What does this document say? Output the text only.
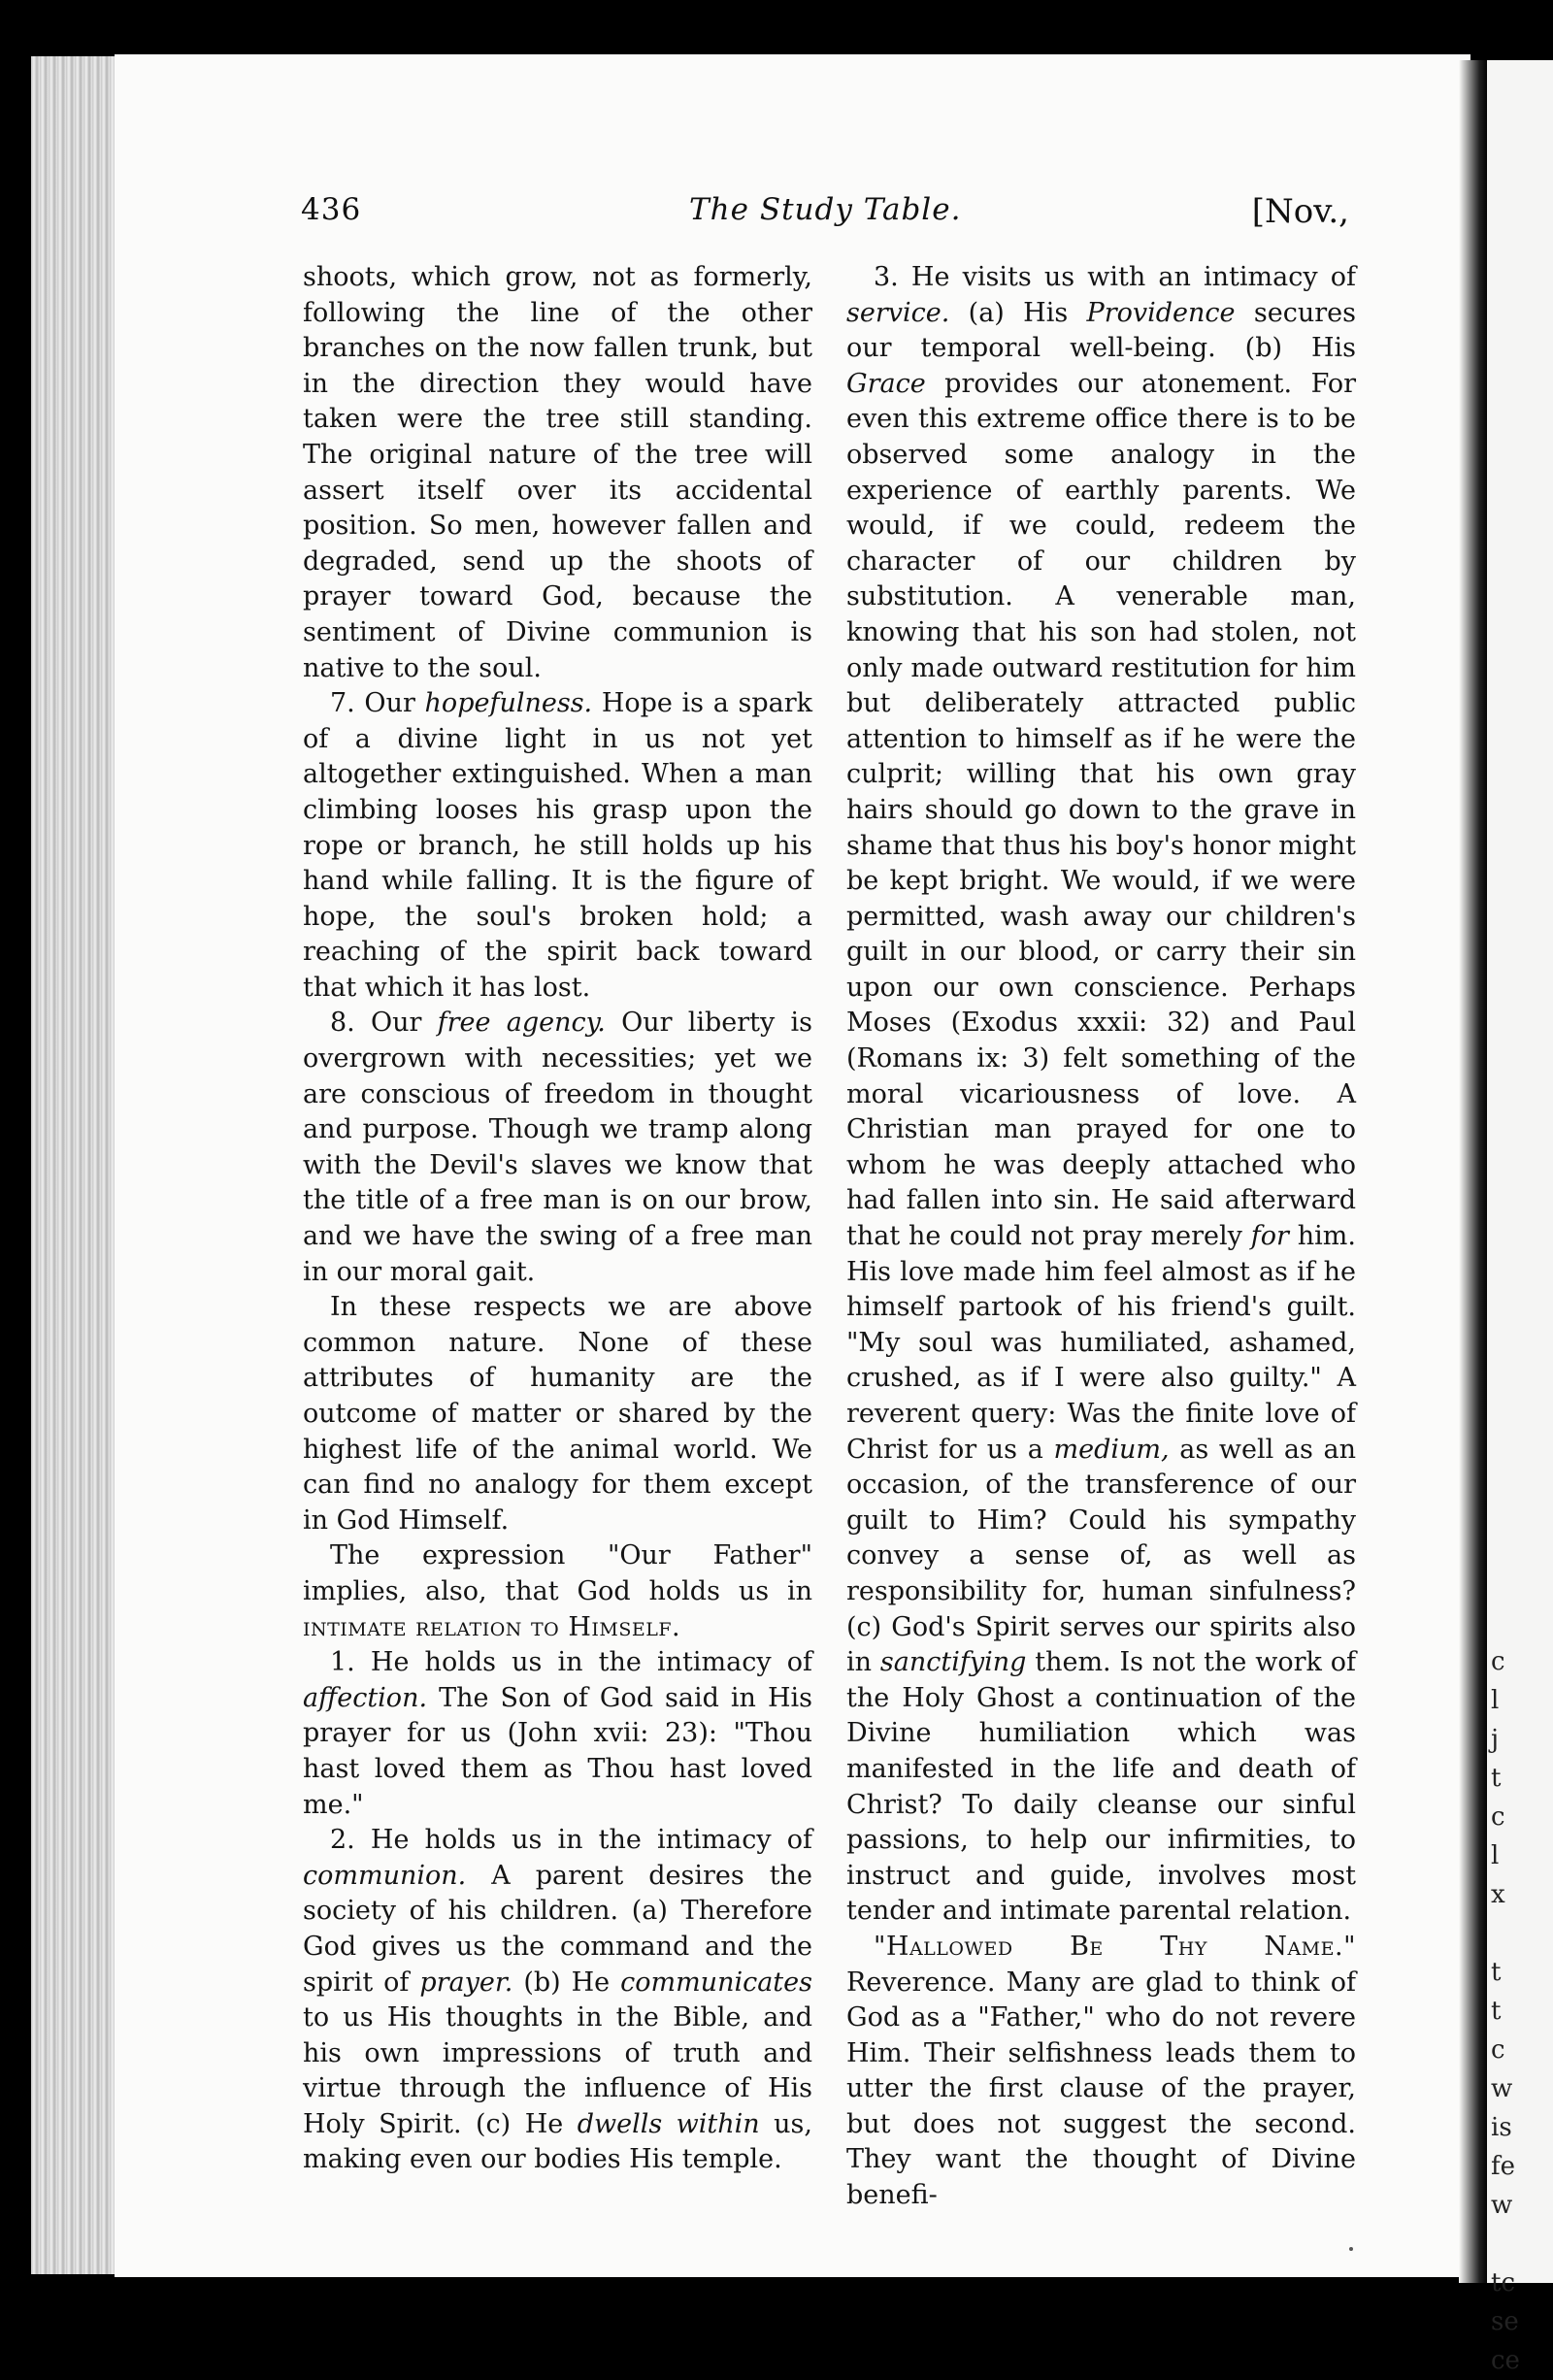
c
l
j
t
c
l
x

t
t
c
w
is
fe
w

tc
se
ce
436	The Study Table.	[Nov.,

shoots, which grow, not as formerly, following the line of the other branches on the now fallen trunk, but in the direction they would have taken were the tree still standing. The original nature of the tree will assert itself over its accidental position. So men, however fallen and degraded, send up the shoots of prayer toward God, because the sentiment of Divine communion is native to the soul.

7. Our hopefulness. Hope is a spark of a divine light in us not yet altogether extinguished. When a man climbing looses his grasp upon the rope or branch, he still holds up his hand while falling. It is the figure of hope, the soul's broken hold; a reaching of the spirit back toward that which it has lost.

8. Our free agency. Our liberty is overgrown with necessities; yet we are conscious of freedom in thought and purpose. Though we tramp along with the Devil's slaves we know that the title of a free man is on our brow, and we have the swing of a free man in our moral gait.

In these respects we are above common nature. None of these attributes of humanity are the outcome of matter or shared by the highest life of the animal world. We can find no analogy for them except in God Himself.

The expression "Our Father" implies, also, that God holds us in intimate relation to Himself.

1. He holds us in the intimacy of affection. The Son of God said in His prayer for us (John xvii: 23): "Thou hast loved them as Thou hast loved me."

2. He holds us in the intimacy of communion. A parent desires the society of his children. (a) Therefore God gives us the command and the spirit of prayer. (b) He communicates to us His thoughts in the Bible, and his own impressions of truth and virtue through the influence of His Holy Spirit. (c) He dwells within us, making even our bodies His temple.

3. He visits us with an intimacy of service. (a) His Providence secures our temporal well-being. (b) His Grace provides our atonement. For even this extreme office there is to be observed some analogy in the experience of earthly parents. We would, if we could, redeem the character of our children by substitution. A venerable man, knowing that his son had stolen, not only made outward restitution for him but deliberately attracted public attention to himself as if he were the culprit; willing that his own gray hairs should go down to the grave in shame that thus his boy's honor might be kept bright. We would, if we were permitted, wash away our children's guilt in our blood, or carry their sin upon our own conscience. Perhaps Moses (Exodus xxxii: 32) and Paul (Romans ix: 3) felt something of the moral vicariousness of love. A Christian man prayed for one to whom he was deeply attached who had fallen into sin. He said afterward that he could not pray merely for him. His love made him feel almost as if he himself partook of his friend's guilt. "My soul was humiliated, ashamed, crushed, as if I were also guilty." A reverent query: Was the finite love of Christ for us a medium, as well as an occasion, of the transference of our guilt to Him? Could his sympathy convey a sense of, as well as responsibility for, human sinfulness? (c) God's Spirit serves our spirits also in sanctifying them. Is not the work of the Holy Ghost a continuation of the Divine humiliation which was manifested in the life and death of Christ? To daily cleanse our sinful passions, to help our infirmities, to instruct and guide, involves most tender and intimate parental relation.

"Hallowed Be Thy Name." Reverence. Many are glad to think of God as a "Father," who do not revere Him. Their selfishness leads them to utter the first clause of the prayer, but does not suggest the second. They want the thought of Divine benefi-
